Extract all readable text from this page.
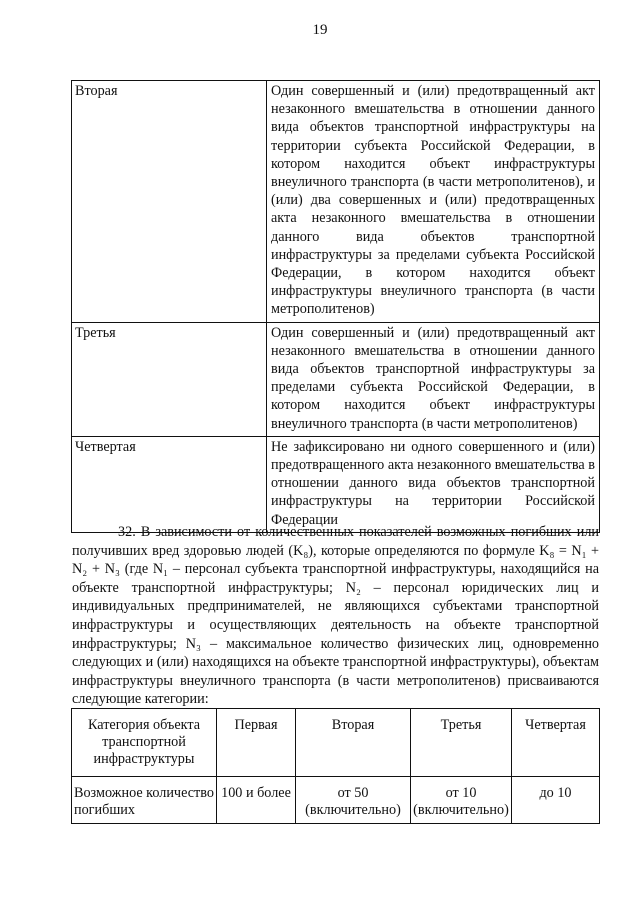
19
Вторая	Один совершенный и (или) предотвращенный акт незаконного вмешательства в отношении данного вида объектов транспортной инфраструктуры на территории субъекта Российской Федерации, в котором находится объект инфраструктуры внеуличного транспорта (в части метрополитенов), и (или) два совершенных и (или) предотвращенных акта незаконного вмешательства в отношении данного вида объектов транспортной инфраструктуры за пределами субъекта Российской Федерации, в котором находится объект инфраструктуры внеуличного транспорта (в части метрополитенов)
Третья	Один совершенный и (или) предотвращенный акт незаконного вмешательства в отношении данного вида объектов транспортной инфраструктуры за пределами субъекта Российской Федерации, в котором находится объект инфраструктуры внеуличного транспорта (в части метрополитенов)
Четвертая	Не зафиксировано ни одного совершенного и (или) предотвращенного акта незаконного вмешательства в отношении данного вида объектов транспортной инфраструктуры на территории Российской Федерации

32. В зависимости от количественных показателей возможных погибших или получивших вред здоровью людей (K₈), которые определяются по формуле K₈ = N₁ + N₂ + N₃ (где N₁ – персонал субъекта транспортной инфраструктуры, находящийся на объекте транспортной инфраструктуры; N₂ – персонал юридических лиц и индивидуальных предпринимателей, не являющихся субъектами транспортной инфраструктуры и осуществляющих деятельность на объекте транспортной инфраструктуры; N₃ – максимальное количество физических лиц, одновременно следующих и (или) находящихся на объекте транспортной инфраструктуры), объектам инфраструктуры внеуличного транспорта (в части метрополитенов) присваиваются следующие категории:

Категория объекта транспортной инфраструктуры	Первая	Вторая	Третья	Четвертая
Возможное количество погибших	100 и более	от 50 (включительно)	от 10 (включительно)	до 10
